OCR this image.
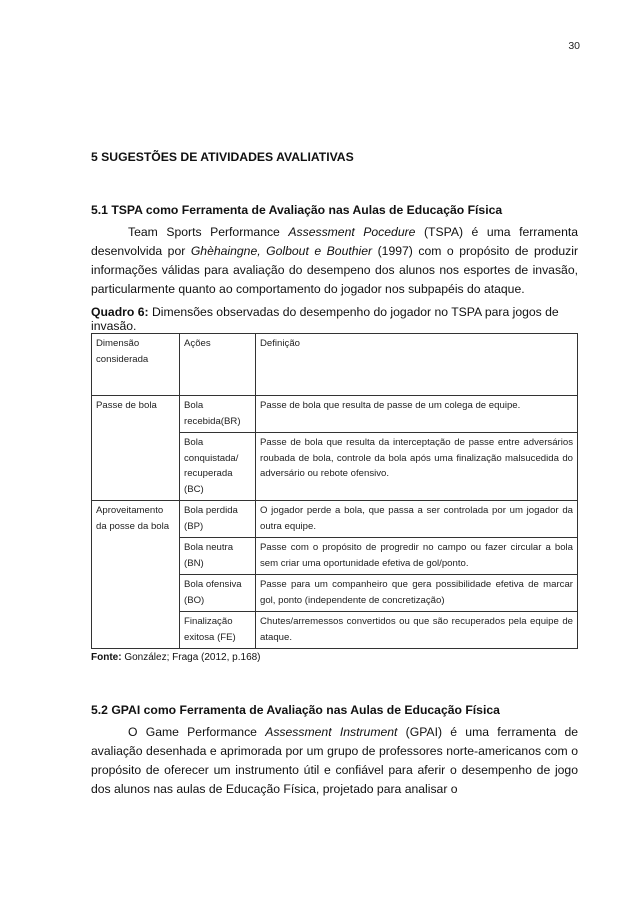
30

5 SUGESTÕES DE ATIVIDADES AVALIATIVAS

5.1 TSPA como Ferramenta de Avaliação nas Aulas de Educação Física

Team Sports Performance Assessment Pocedure (TSPA) é uma ferramenta desenvolvida por Ghèhaingne, Golbout e Bouthier (1997) com o propósito de produzir informações válidas para avaliação do desempeno dos alunos nos esportes de invasão, particularmente quanto ao comportamento do jogador nos subpapéis do ataque.

Quadro 6: Dimensões observadas do desempenho do jogador no TSPA para jogos de invasão.

Dimensão considerada	Ações	Definição
Passe de bola	Bola recebida(BR)	Passe de bola que resulta de passe de um colega de equipe.
	Bola conquistada/ recuperada (BC)	Passe de bola que resulta da interceptação de passe entre adversários roubada de bola, controle da bola após uma finalização malsucedida do adversário ou rebote ofensivo.
Aproveitamento da posse da bola	Bola perdida (BP)	O jogador perde a bola, que passa a ser controlada por um jogador da outra equipe.
	Bola neutra (BN)	Passe com o propósito de progredir no campo ou fazer circular a bola sem criar uma oportunidade efetiva de gol/ponto.
	Bola ofensiva (BO)	Passe para um companheiro que gera possibilidade efetiva de marcar gol, ponto (independente de concretização)
	Finalização exitosa (FE)	Chutes/arremessos convertidos ou que são recuperados pela equipe de ataque.

Fonte: González; Fraga (2012, p.168)

5.2 GPAI como Ferramenta de Avaliação nas Aulas de Educação Física

O Game Performance Assessment Instrument (GPAI) é uma ferramenta de avaliação desenhada e aprimorada por um grupo de professores norte-americanos com o propósito de oferecer um instrumento útil e confiável para aferir o desempenho de jogo dos alunos nas aulas de Educação Física, projetado para analisar o
